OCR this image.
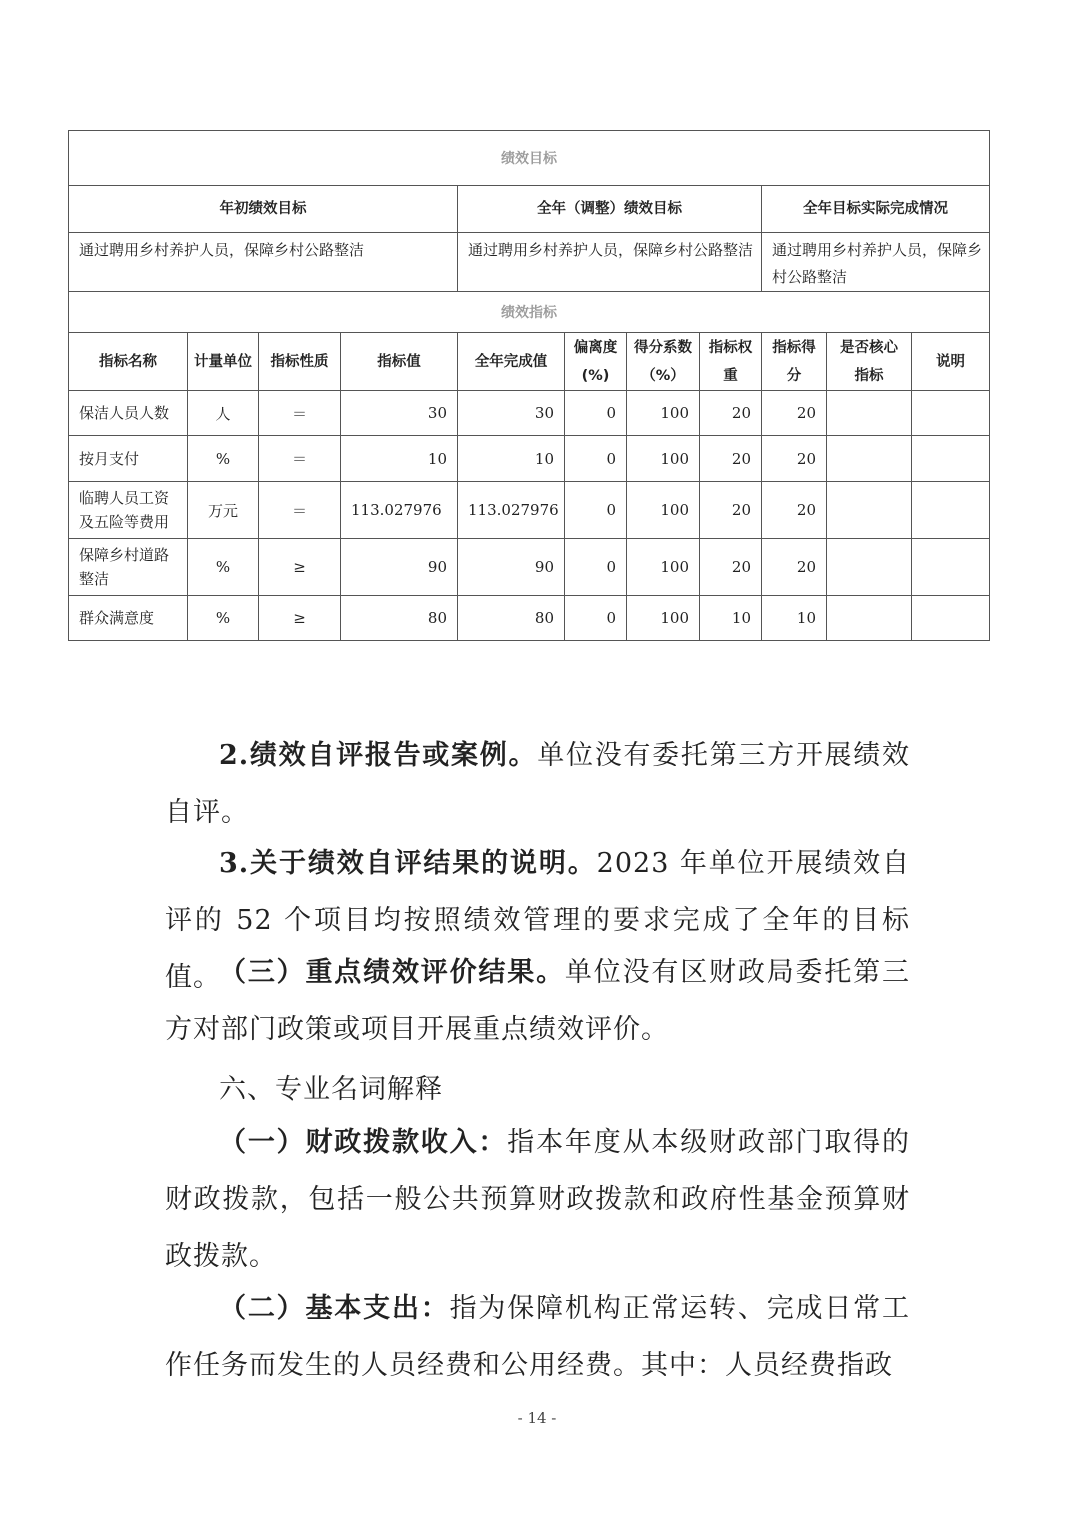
绩效目标										
年初绩效目标				全年（调整）绩效目标				全年目标实际完成情况		
通过聘用乡村养护人员，保障乡村公路整洁				通过聘用乡村养护人员，保障乡村公路整洁				通过聘用乡村养护人员，保障乡村公路整洁		
绩效指标										
指标名称	计量单位	指标性质	指标值	全年完成值	偏离度(%)	得分系数（%）	指标权重	指标得分	是否核心指标	说明
保洁人员人数	人	＝	30	30	0	100	20	20		
按月支付	%	＝	10	10	0	100	20	20		
临聘人员工资及五险等费用	万元	＝	113.027976	113.027976	0	100	20	20		
保障乡村道路整洁	%	≥	90	90	0	100	20	20		
群众满意度	%	≥	80	80	0	100	10	10		

2.绩效自评报告或案例。单位没有委托第三方开展绩效自评。

3.关于绩效自评结果的说明。2023 年单位开展绩效自评的 52 个项目均按照绩效管理的要求完成了全年的目标值。

（三）重点绩效评价结果。单位没有区财政局委托第三方对部门政策或项目开展重点绩效评价。

六、专业名词解释

（一）财政拨款收入：指本年度从本级财政部门取得的财政拨款，包括一般公共预算财政拨款和政府性基金预算财政拨款。

（二）基本支出：指为保障机构正常运转、完成日常工作任务而发生的人员经费和公用经费。其中：人员经费指政

- 14 -
